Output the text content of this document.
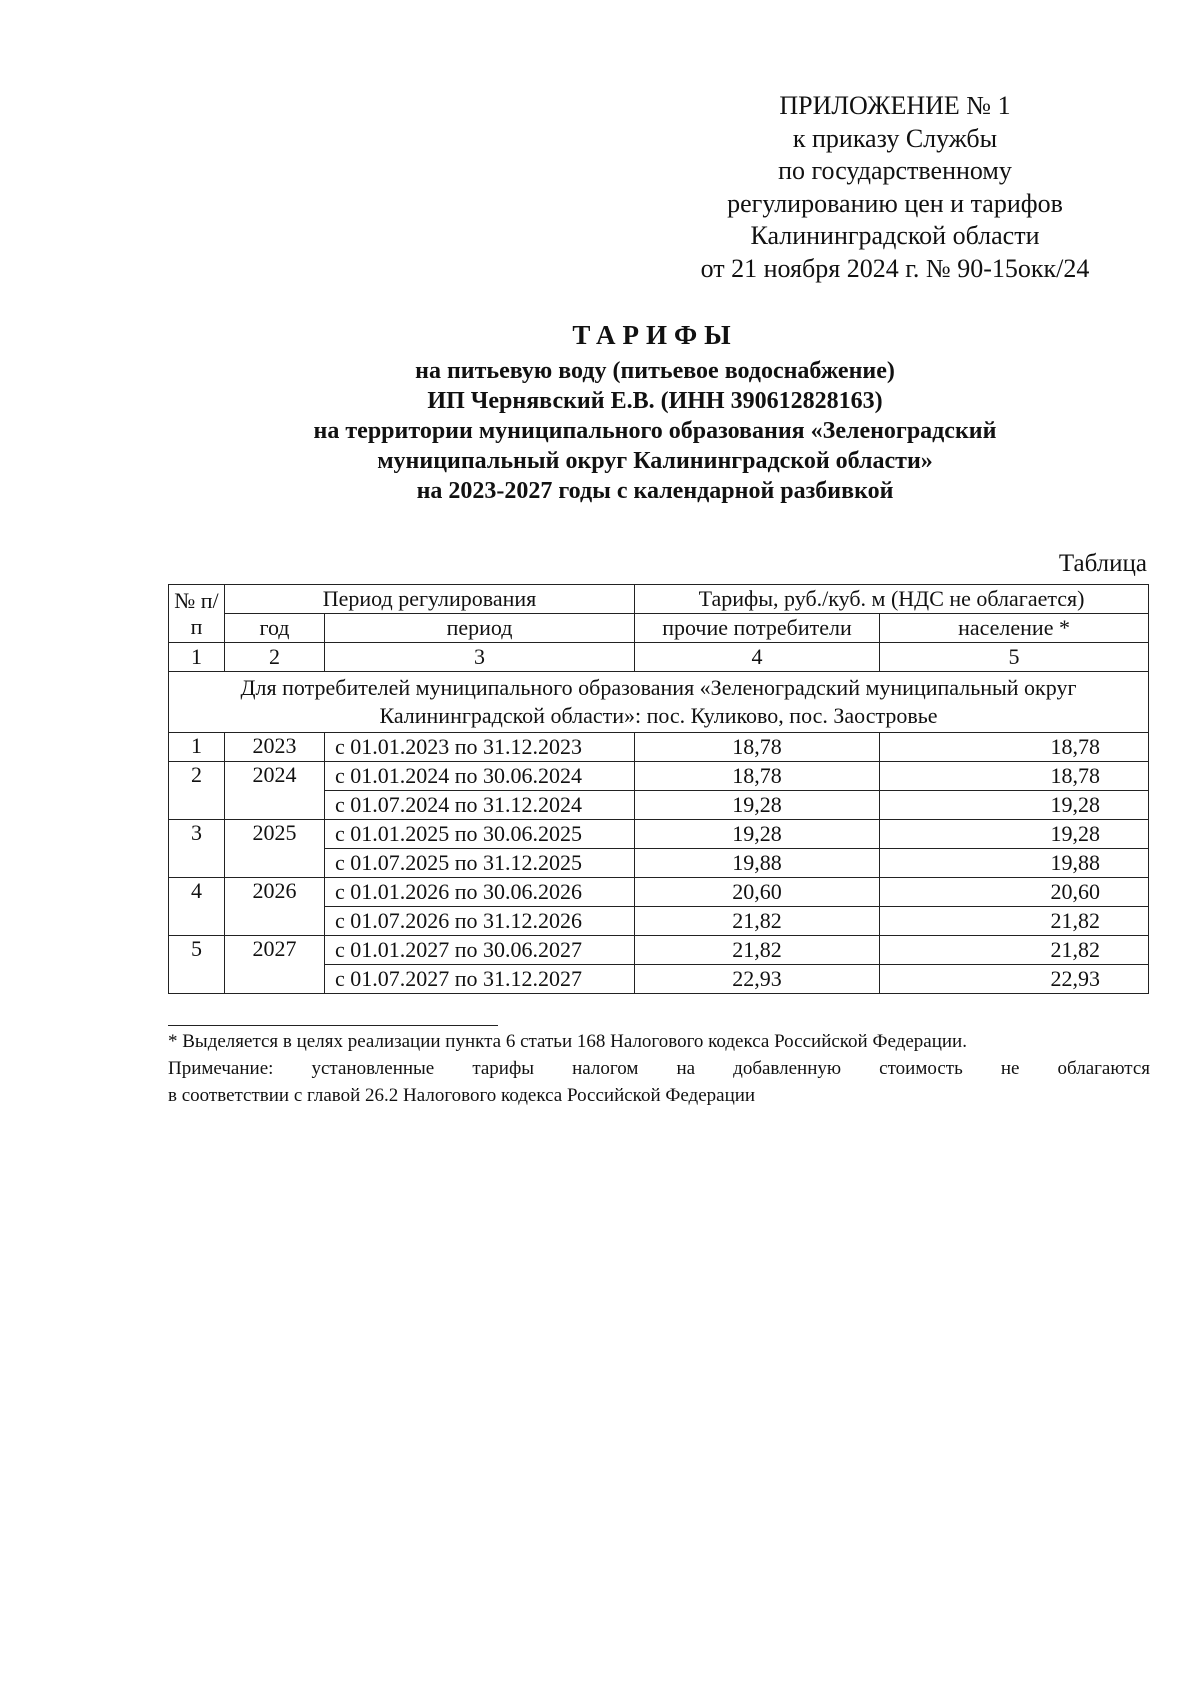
ПРИЛОЖЕНИЕ № 1
к приказу Службы
по государственному
регулированию цен и тарифов
Калининградской области
от 21 ноября 2024 г. № 90-15окк/24
ТАРИФЫ
на питьевую воду (питьевое водоснабжение)
ИП Чернявский Е.В. (ИНН 390612828163)
на территории муниципального образования «Зеленоградский
муниципальный округ Калининградской области»
на 2023-2027 годы с календарной разбивкой
Таблица
№ п/п	Период регулирования		Тарифы, руб./куб. м (НДС не облагается)	
	год	период	прочие потребители	население *
1	2	3	4	5
Для потребителей муниципального образования «Зеленоградский муниципальный округ Калининградской области»: пос. Куликово, пос. Заостровье				
1	2023	с 01.01.2023 по 31.12.2023	18,78	18,78
2	2024	с 01.01.2024 по 30.06.2024	18,78	18,78
		с 01.07.2024 по 31.12.2024	19,28	19,28
3	2025	с 01.01.2025 по 30.06.2025	19,28	19,28
		с 01.07.2025 по 31.12.2025	19,88	19,88
4	2026	с 01.01.2026 по 30.06.2026	20,60	20,60
		с 01.07.2026 по 31.12.2026	21,82	21,82
5	2027	с 01.01.2027 по 30.06.2027	21,82	21,82
		с 01.07.2027 по 31.12.2027	22,93	22,93
* Выделяется в целях реализации пункта 6 статьи 168 Налогового кодекса Российской Федерации.
Примечание: установленные тарифы налогом на добавленную стоимость не облагаются
в соответствии с главой 26.2 Налогового кодекса Российской Федерации
